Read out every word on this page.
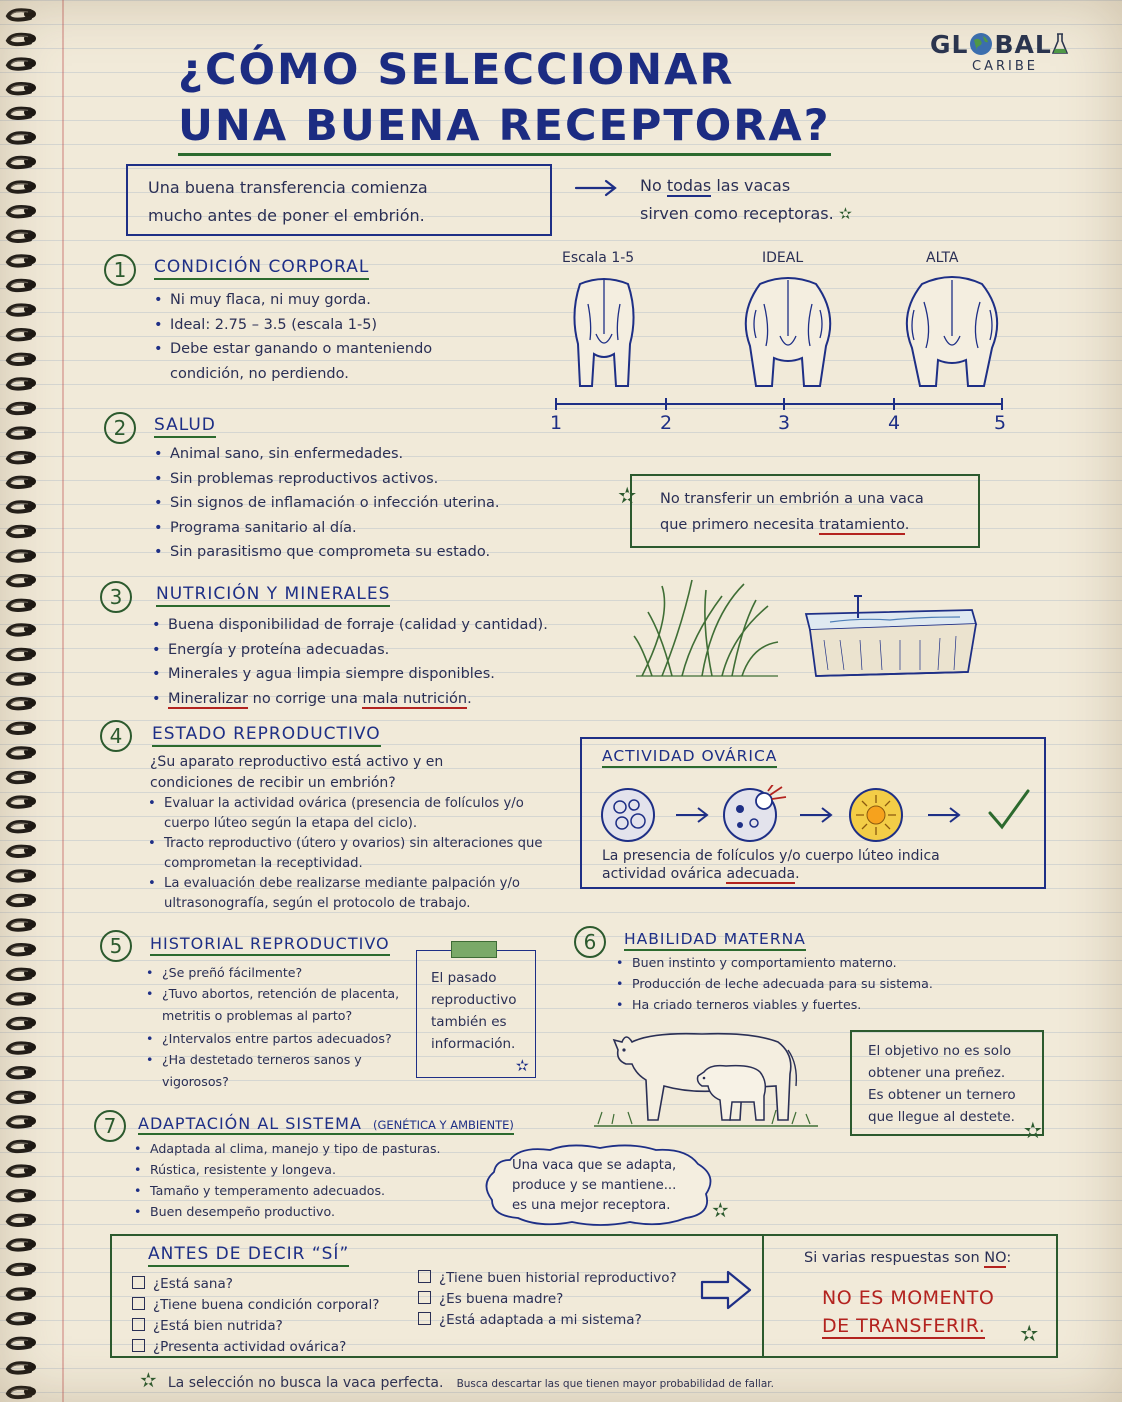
¿CÓMO SELECCIONAR
UNA BUENA RECEPTORA?
GL BAL
CARIBE
Una buena transferencia comienza
mucho antes de poner el embrión.
No todas las vacas
sirven como receptoras. ✫
1	CONDICIÓN CORPORAL
• Ni muy flaca, ni muy gorda.
• Ideal: 2.75 – 3.5 (escala 1-5)
• Debe estar ganando o manteniendo
condición, no perdiendo.
Escala 1-5	IDEAL	ALTA
1	2	3	4	5
2	SALUD
• Animal sano, sin enfermedades.
• Sin problemas reproductivos activos.
• Sin signos de inflamación o infección uterina.
• Programa sanitario al día.
• Sin parasitismo que comprometa su estado.
✫ No transferir un embrión a una vaca
que primero necesita tratamiento.
3	NUTRICIÓN Y MINERALES
• Buena disponibilidad de forraje (calidad y cantidad).
• Energía y proteína adecuadas.
• Minerales y agua limpia siempre disponibles.
• Mineralizar no corrige una mala nutrición.
4	ESTADO REPRODUCTIVO
¿Su aparato reproductivo está activo y en
condiciones de recibir un embrión?
• Evaluar la actividad ovárica (presencia de folículos y/o cuerpo lúteo según la etapa del ciclo).
• Tracto reproductivo (útero y ovarios) sin alteraciones que comprometan la receptividad.
• La evaluación debe realizarse mediante palpación y/o ultrasonografía, según el protocolo de trabajo.
ACTIVIDAD OVÁRICA
La presencia de folículos y/o cuerpo lúteo indica
actividad ovárica adecuada.
5	HISTORIAL REPRODUCTIVO
• ¿Se preñó fácilmente?
• ¿Tuvo abortos, retención de placenta,
metritis o problemas al parto?
• ¿Intervalos entre partos adecuados?
• ¿Ha destetado terneros sanos y
vigorosos?
El pasado
reproductivo
también es
información.
✫
6	HABILIDAD MATERNA
• Buen instinto y comportamiento materno.
• Producción de leche adecuada para su sistema.
• Ha criado terneros viables y fuertes.
El objetivo no es solo
obtener una preñez.
Es obtener un ternero
que llegue al destete.
✫
7	ADAPTACIÓN AL SISTEMA (GENÉTICA Y AMBIENTE)
• Adaptada al clima, manejo y tipo de pasturas.
• Rústica, resistente y longeva.
• Tamaño y temperamento adecuados.
• Buen desempeño productivo.
Una vaca que se adapta,
produce y se mantiene...
es una mejor receptora. ✫
ANTES DE DECIR “SÍ”
¿Está sana?
¿Tiene buena condición corporal?
¿Está bien nutrida?
¿Presenta actividad ovárica?
¿Tiene buen historial reproductivo?
¿Es buena madre?
¿Está adaptada a mi sistema?
Si varias respuestas son NO:
NO ES MOMENTO
DE TRANSFERIR.	✫
✫ La selección no busca la vaca perfecta. Busca descartar las que tienen mayor probabilidad de fallar.
